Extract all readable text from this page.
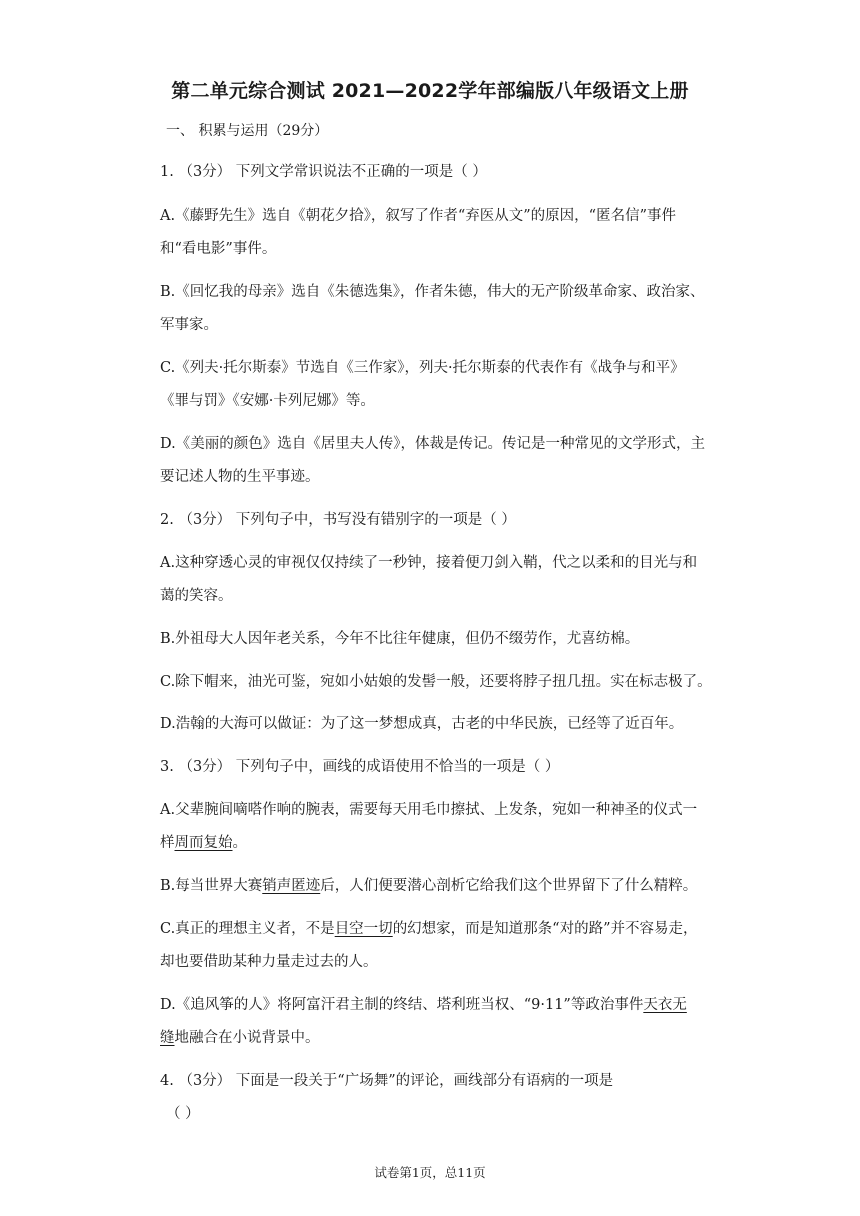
第二单元综合测试 2021—2022学年部编版八年级语文上册
一、 积累与运用（29分）
1. （3分） 下列文学常识说法不正确的一项是（ ）
A.《藤野先生》选自《朝花夕拾》，叙写了作者“弃医从文”的原因，“匿名信”事件
和“看电影”事件。
B.《回忆我的母亲》选自《朱德选集》，作者朱德，伟大的无产阶级革命家、政治家、
军事家。
C.《列夫·托尔斯泰》节选自《三作家》，列夫·托尔斯泰的代表作有《战争与和平》
《罪与罚》《安娜·卡列尼娜》等。
D.《美丽的颜色》选自《居里夫人传》，体裁是传记。传记是一种常见的文学形式，主
要记述人物的生平事迹。
2. （3分） 下列句子中，书写没有错别字的一项是（ ）
A.这种穿透心灵的审视仅仅持续了一秒钟，接着便刀剑入鞘，代之以柔和的目光与和
蔼的笑容。
B.外祖母大人因年老关系，今年不比往年健康，但仍不缀劳作，尤喜纺棉。
C.除下帽来，油光可鉴，宛如小姑娘的发髻一般，还要将脖子扭几扭。实在标志极了。
D.浩翰的大海可以做证：为了这一梦想成真，古老的中华民族，已经等了近百年。
3. （3分） 下列句子中，画线的成语使用不恰当的一项是（ ）
A.父辈腕间嘀嗒作响的腕表，需要每天用毛巾擦拭、上发条，宛如一种神圣的仪式一
样周而复始。
B.每当世界大赛销声匿迹后，人们便要潜心剖析它给我们这个世界留下了什么精粹。
C.真正的理想主义者，不是目空一切的幻想家，而是知道那条“对的路”并不容易走，
却也要借助某种力量走过去的人。
D.《追风筝的人》将阿富汗君主制的终结、塔利班当权、“9·11”等政治事件天衣无
缝地融合在小说背景中。
4. （3分） 下面是一段关于“广场舞”的评论，画线部分有语病的一项是
（ ）
试卷第1页，总11页
